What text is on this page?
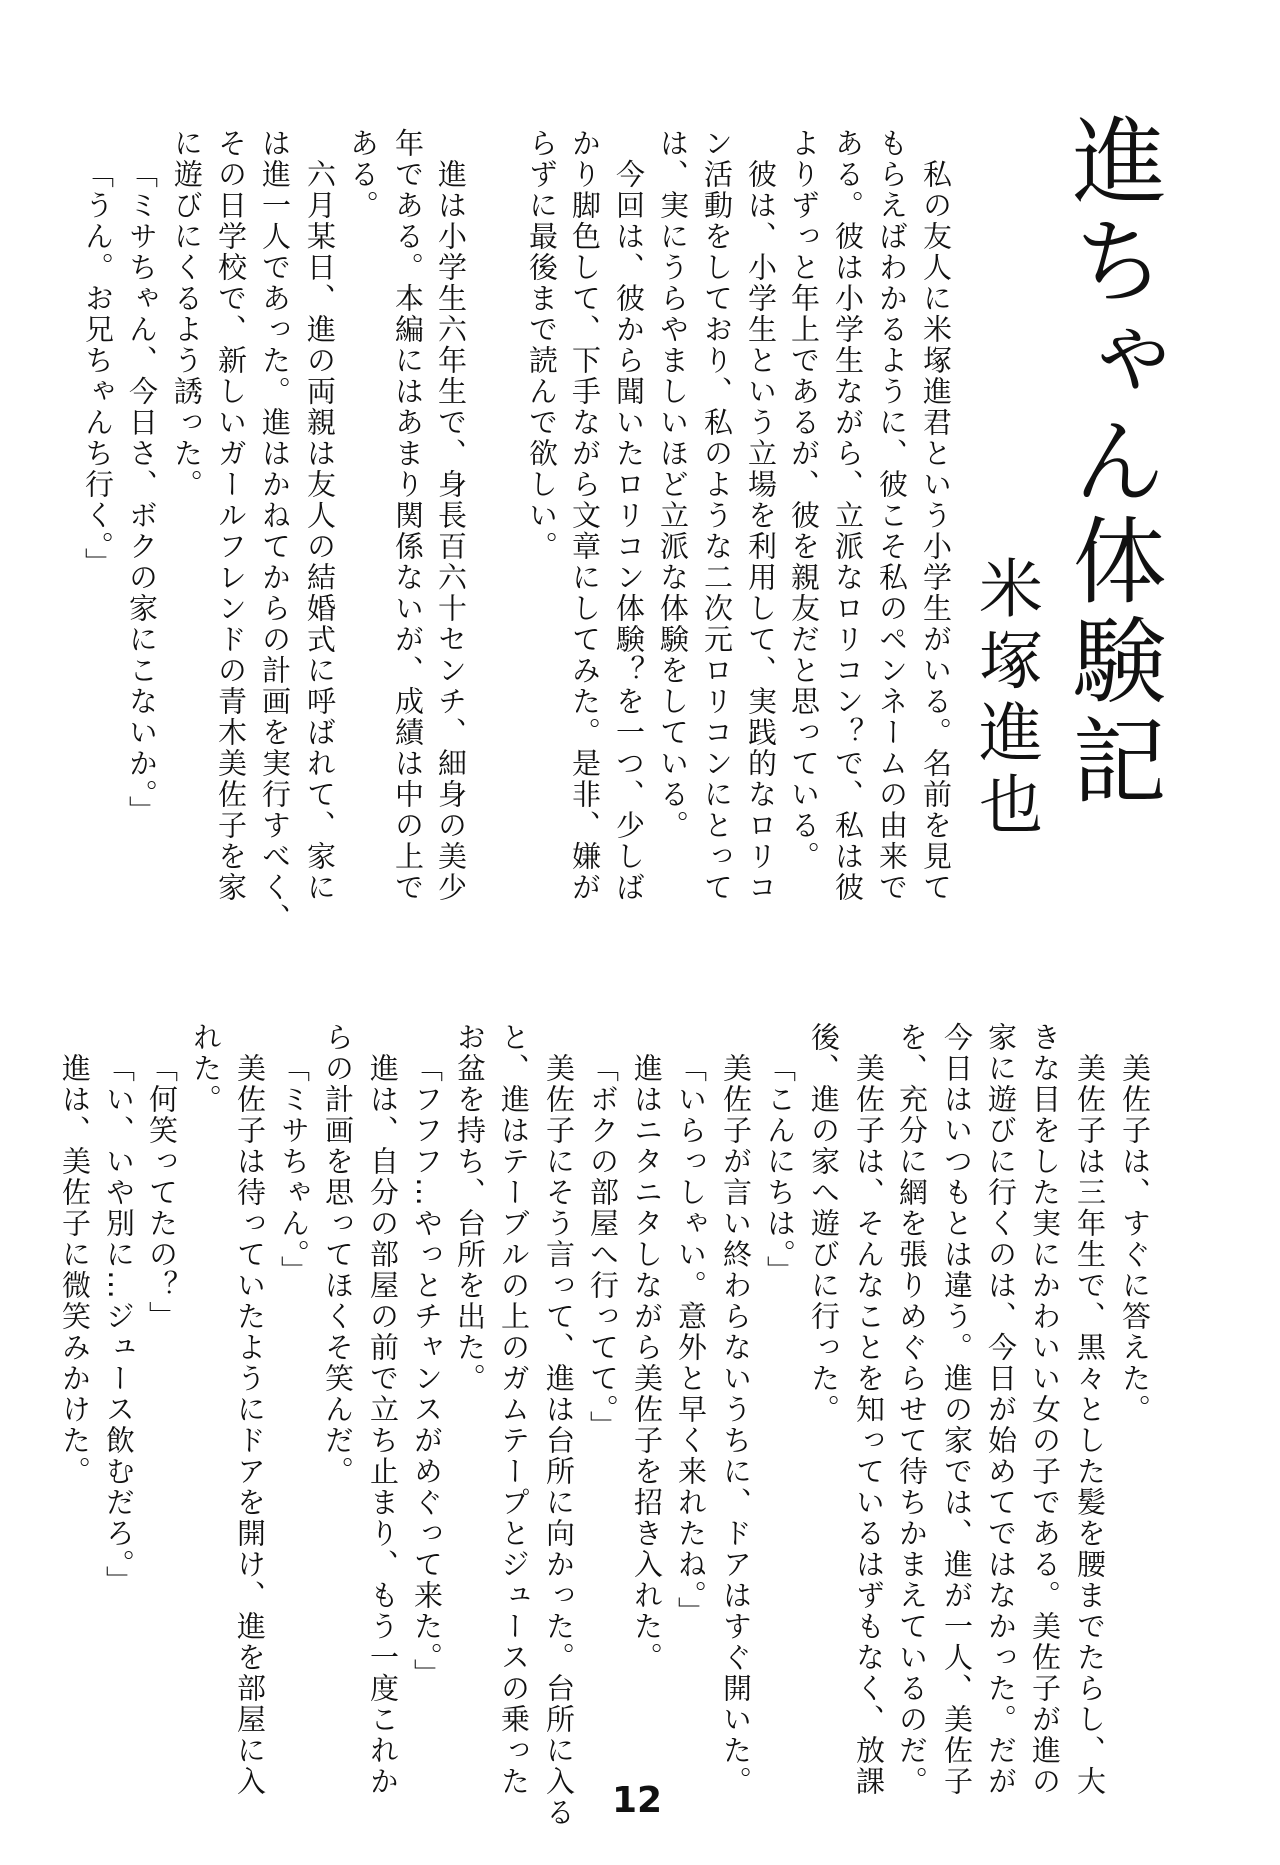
進ちゃん体験記
米塚進也
私の友人に米塚進君という小学生がいる。名前を見て
もらえばわかるように、彼こそ私のペンネームの由来で
ある。彼は小学生ながら、立派なロリコン？で、私は彼
よりずっと年上であるが、彼を親友だと思っている。
彼は、小学生という立場を利用して、実践的なロリコ
ン活動をしており、私のような二次元ロリコンにとって
は、実にうらやましいほど立派な体験をしている。
今回は、彼から聞いたロリコン体験？を一つ、少しば
かり脚色して、下手ながら文章にしてみた。是非、嫌が
らずに最後まで読んで欲しい。
進は小学生六年生で、身長百六十センチ、細身の美少
年である。本編にはあまり関係ないが、成績は中の上で
ある。
六月某日、進の両親は友人の結婚式に呼ばれて、家に
は進一人であった。進はかねてからの計画を実行すべく、
その日学校で、新しいガールフレンドの青木美佐子を家
に遊びにくるよう誘った。
「ミサちゃん、今日さ、ボクの家にこないか。」
「うん。お兄ちゃんち行く。」
美佐子は、すぐに答えた。
美佐子は三年生で、黒々とした髪を腰までたらし、大
きな目をした実にかわいい女の子である。美佐子が進の
家に遊びに行くのは、今日が始めてではなかった。だが
今日はいつもとは違う。進の家では、進が一人、美佐子
を、充分に網を張りめぐらせて待ちかまえているのだ。
美佐子は、そんなことを知っているはずもなく、放課
後、進の家へ遊びに行った。
「こんにちは。」
美佐子が言い終わらないうちに、ドアはすぐ開いた。
「いらっしゃい。意外と早く来れたね。」
進はニタニタしながら美佐子を招き入れた。
「ボクの部屋へ行ってて。」
美佐子にそう言って、進は台所に向かった。台所に入る
と、進はテーブルの上のガムテープとジュースの乗った
お盆を持ち、台所を出た。
「フフフ…やっとチャンスがめぐって来た。」
進は、自分の部屋の前で立ち止まり、もう一度これか
らの計画を思ってほくそ笑んだ。
「ミサちゃん。」
美佐子は待っていたようにドアを開け、進を部屋に入
れた。
「何笑ってたの？」
「い、いや別に…ジュース飲むだろ。」
進は、美佐子に微笑みかけた。
12
